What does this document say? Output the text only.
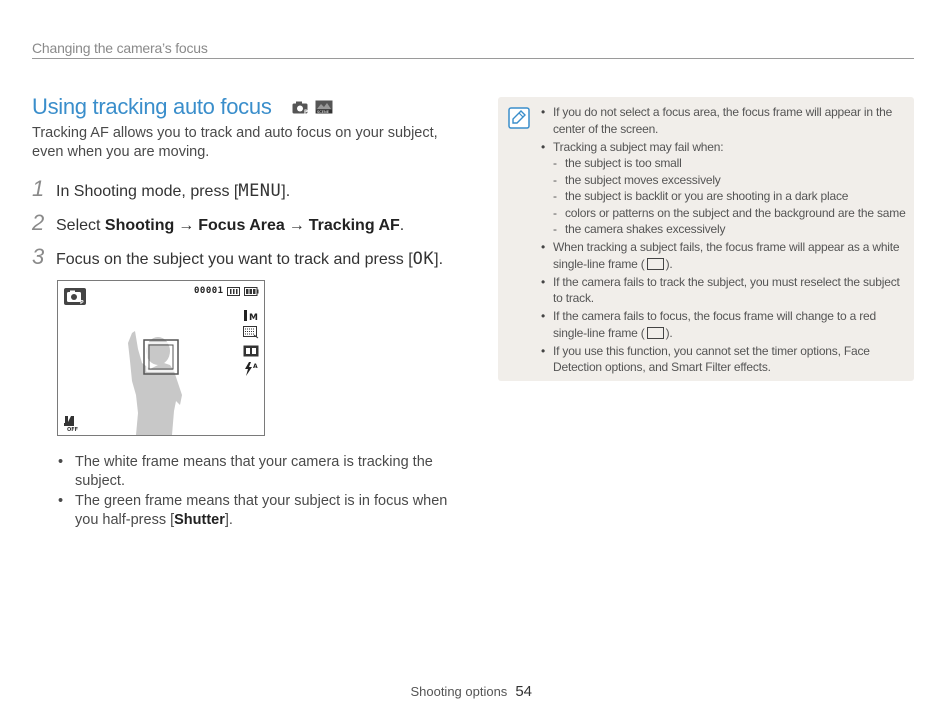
Changing the camera’s focus
Using tracking auto focus	P	SCENE
Tracking AF allows you to track and auto focus on your subject, even when you are moving.
1 In Shooting mode, press [MENU].
2 Select Shooting → Focus Area → Tracking AF.
3 Focus on the subject you want to track and press [OK].
P
00001
M
A
OFF
• The white frame means that your camera is tracking the subject.
• The green frame means that your subject is in focus when you half-press [Shutter].
• If you do not select a focus area, the focus frame will appear in the center of the screen.
• Tracking a subject may fail when:
- the subject is too small
- the subject moves excessively
- the subject is backlit or you are shooting in a dark place
- colors or patterns on the subject and the background are the same
- the camera shakes excessively
• When tracking a subject fails, the focus frame will appear as a white single-line frame ( ).
• If the camera fails to track the subject, you must reselect the subject to track.
• If the camera fails to focus, the focus frame will change to a red single-line frame ( ).
• If you use this function, you cannot set the timer options, Face Detection options, and Smart Filter effects.
Shooting options 54
